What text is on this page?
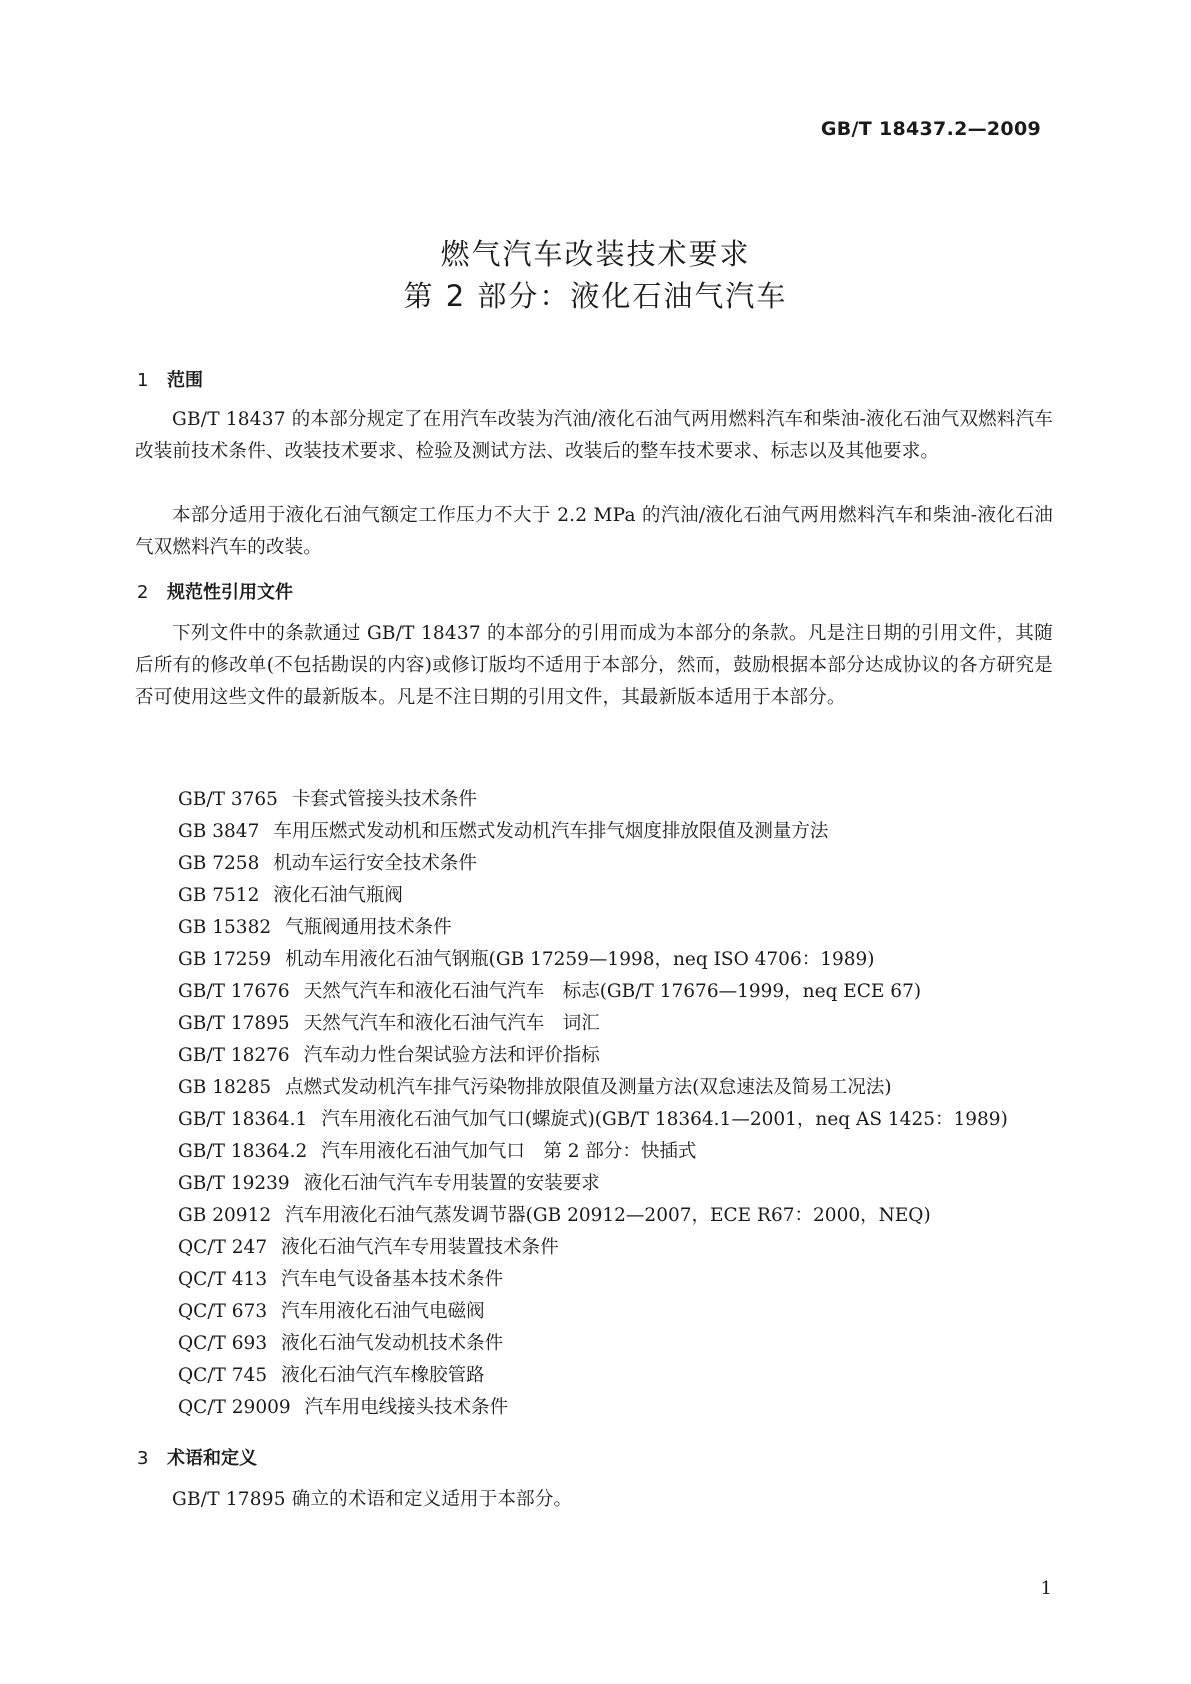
GB/T 18437.2—2009
燃气汽车改装技术要求
第 2 部分：液化石油气汽车
1 范围
GB/T 18437 的本部分规定了在用汽车改装为汽油/液化石油气两用燃料汽车和柴油-液化石油气双燃料汽车改装前技术条件、改装技术要求、检验及测试方法、改装后的整车技术要求、标志以及其他要求。
本部分适用于液化石油气额定工作压力不大于 2.2 MPa 的汽油/液化石油气两用燃料汽车和柴油-液化石油气双燃料汽车的改装。
2 规范性引用文件
下列文件中的条款通过 GB/T 18437 的本部分的引用而成为本部分的条款。凡是注日期的引用文件，其随后所有的修改单(不包括勘误的内容)或修订版均不适用于本部分，然而，鼓励根据本部分达成协议的各方研究是否可使用这些文件的最新版本。凡是不注日期的引用文件，其最新版本适用于本部分。
GB/T 3765 卡套式管接头技术条件
GB 3847 车用压燃式发动机和压燃式发动机汽车排气烟度排放限值及测量方法
GB 7258 机动车运行安全技术条件
GB 7512 液化石油气瓶阀
GB 15382 气瓶阀通用技术条件
GB 17259 机动车用液化石油气钢瓶(GB 17259—1998，neq ISO 4706：1989)
GB/T 17676 天然气汽车和液化石油气汽车　标志(GB/T 17676—1999，neq ECE 67)
GB/T 17895 天然气汽车和液化石油气汽车　词汇
GB/T 18276 汽车动力性台架试验方法和评价指标
GB 18285 点燃式发动机汽车排气污染物排放限值及测量方法(双怠速法及简易工况法)
GB/T 18364.1 汽车用液化石油气加气口(螺旋式)(GB/T 18364.1—2001，neq AS 1425：1989)
GB/T 18364.2 汽车用液化石油气加气口　第 2 部分：快插式
GB/T 19239 液化石油气汽车专用装置的安装要求
GB 20912 汽车用液化石油气蒸发调节器(GB 20912—2007，ECE R67：2000，NEQ)
QC/T 247 液化石油气汽车专用装置技术条件
QC/T 413 汽车电气设备基本技术条件
QC/T 673 汽车用液化石油气电磁阀
QC/T 693 液化石油气发动机技术条件
QC/T 745 液化石油气汽车橡胶管路
QC/T 29009 汽车用电线接头技术条件
3 术语和定义
GB/T 17895 确立的术语和定义适用于本部分。
1
